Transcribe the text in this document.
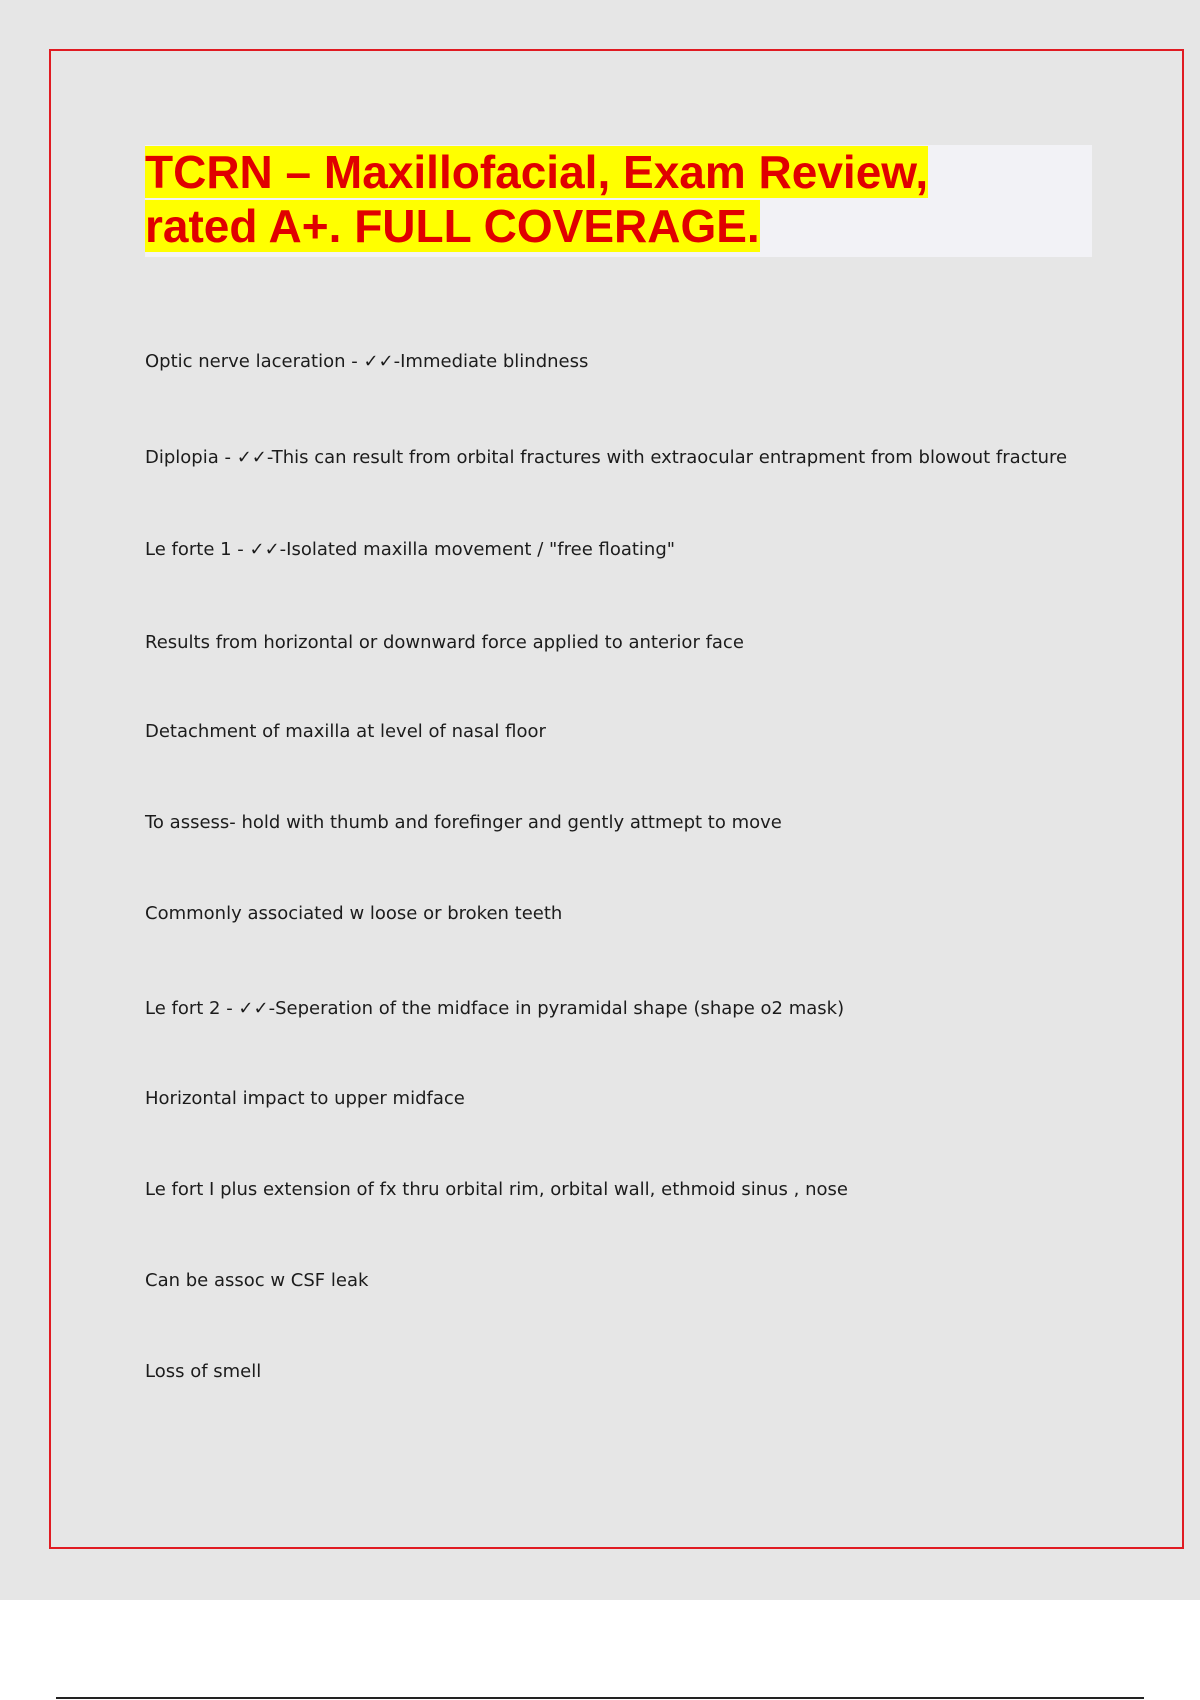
TCRN – Maxillofacial, Exam Review,
rated A+. FULL COVERAGE.
Optic nerve laceration - ✓✓-Immediate blindness
Diplopia - ✓✓-This can result from orbital fractures with extraocular entrapment from blowout fracture
Le forte 1 - ✓✓-Isolated maxilla movement / "free floating"
Results from horizontal or downward force applied to anterior face
Detachment of maxilla at level of nasal floor
To assess- hold with thumb and forefinger and gently attmept to move
Commonly associated w loose or broken teeth
Le fort 2 - ✓✓-Seperation of the midface in pyramidal shape (shape o2 mask)
Horizontal impact to upper midface
Le fort I plus extension of fx thru orbital rim, orbital wall, ethmoid sinus , nose
Can be assoc w CSF leak
Loss of smell
